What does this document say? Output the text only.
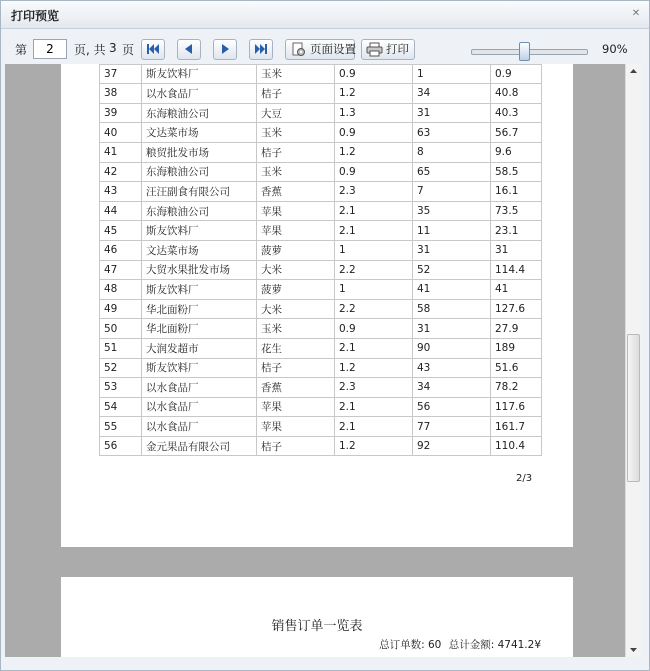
打印预览	✕
第
2	页, 共 3 页	页面设置	打印	90%

37	斯友饮料厂	玉米	0.9	1	0.9
38	以水食品厂	桔子	1.2	34	40.8
39	东海粮油公司	大豆	1.3	31	40.3
40	文达菜市场	玉米	0.9	63	56.7
41	粮贸批发市场	桔子	1.2	8	9.6
42	东海粮油公司	玉米	0.9	65	58.5
43	汪汪副食有限公司	香蕉	2.3	7	16.1
44	东海粮油公司	苹果	2.1	35	73.5
45	斯友饮料厂	苹果	2.1	11	23.1
46	文达菜市场	菠萝	1	31	31
47	大贸水果批发市场	大米	2.2	52	114.4
48	斯友饮料厂	菠萝	1	41	41
49	华北面粉厂	大米	2.2	58	127.6
50	华北面粉厂	玉米	0.9	31	27.9
51	大润发超市	花生	2.1	90	189
52	斯友饮料厂	桔子	1.2	43	51.6
53	以水食品厂	香蕉	2.3	34	78.2
54	以水食品厂	苹果	2.1	56	117.6
55	以水食品厂	苹果	2.1	77	161.7
56	金元果品有限公司	桔子	1.2	92	110.4
2/3
销售订单一览表
总订单数: 60 总计金额: 4741.2¥
